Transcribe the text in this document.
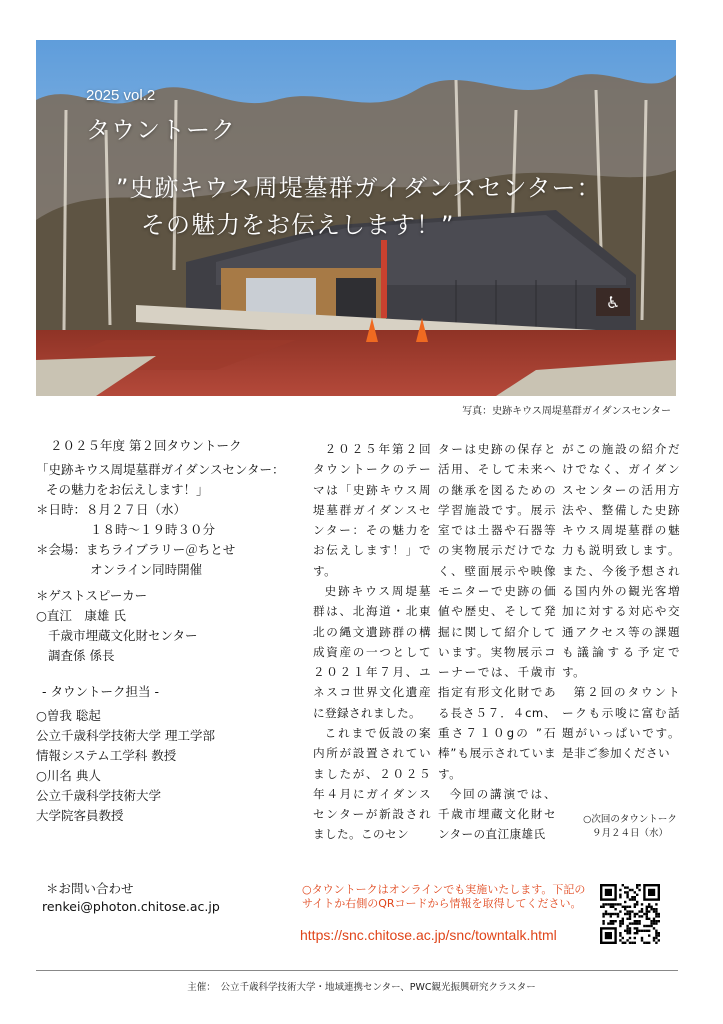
♿
2025 vol.2
タウントーク
”史跡キウス周堤墓群ガイダンスセンター：
その魅力をお伝えします！”
写真：史跡キウス周堤墓群ガイダンスセンター
２０２５年度 第２回タウントーク
「史跡キウス周堤墓群ガイダンスセンター：
その魅力をお伝えします！」
＊日時：８月２７日（水）
１８時〜１９時３０分
＊会場：まちライブラリー＠ちとせ
オンライン同時開催
＊ゲストスピーカー
○直江　康雄 氏
千歳市埋蔵文化財センター
調査係 係長
- タウントーク担当 -
○曽我 聡起
公立千歳科学技術大学 理工学部
情報システム工学科 教授
○川名 典人
公立千歳科学技術大学
大学院客員教授

２０２５年第２回タウントークのテーマは「史跡キウス周堤墓群ガイダンスセンター：その魅力をお伝えします！」です。

史跡キウス周堤墓群は、北海道・北東北の縄文遺跡群の構成資産の一つとして２０２１年７月、ユネスコ世界文化遺産に登録されました。

これまで仮設の案内所が設置されていましたが、２０２５年４月にガイダンスセンターが新設されました。このセン

ターは史跡の保存と活用、そして未来への継承を図るための学習施設です。展示室では土器や石器等の実物展示だけでなく、壁面展示や映像モニターで史跡の価値や歴史、そして発掘に関して紹介しています。実物展示コーナーでは、千歳市指定有形文化財である長さ５７．４cm、重さ７１０gの ”石棒”も展示されています。

今回の講演では、千歳市埋蔵文化財センターの直江康雄氏

がこの施設の紹介だけでなく、ガイダンスセンターの活用方法や、整備した史跡キウス周堤墓群の魅力も説明致します。また、今後予想される国内外の観光客増加に対する対応や交通アクセス等の課題も議論する予定です。

第２回のタウントークも示唆に富む話題がいっぱいです。是非ご参加ください

○次回のタウントーク
９月２４日（水）
＊お問い合わせ
renkei@photon.chitose.ac.jp
○タウントークはオンラインでも実施いたします。下記のサイトか右側のQRコードから情報を取得してください。
https://snc.chitose.ac.jp/snc/towntalk.html
主催：　公立千歳科学技術大学・地域連携センター、PWC観光振興研究クラスター
